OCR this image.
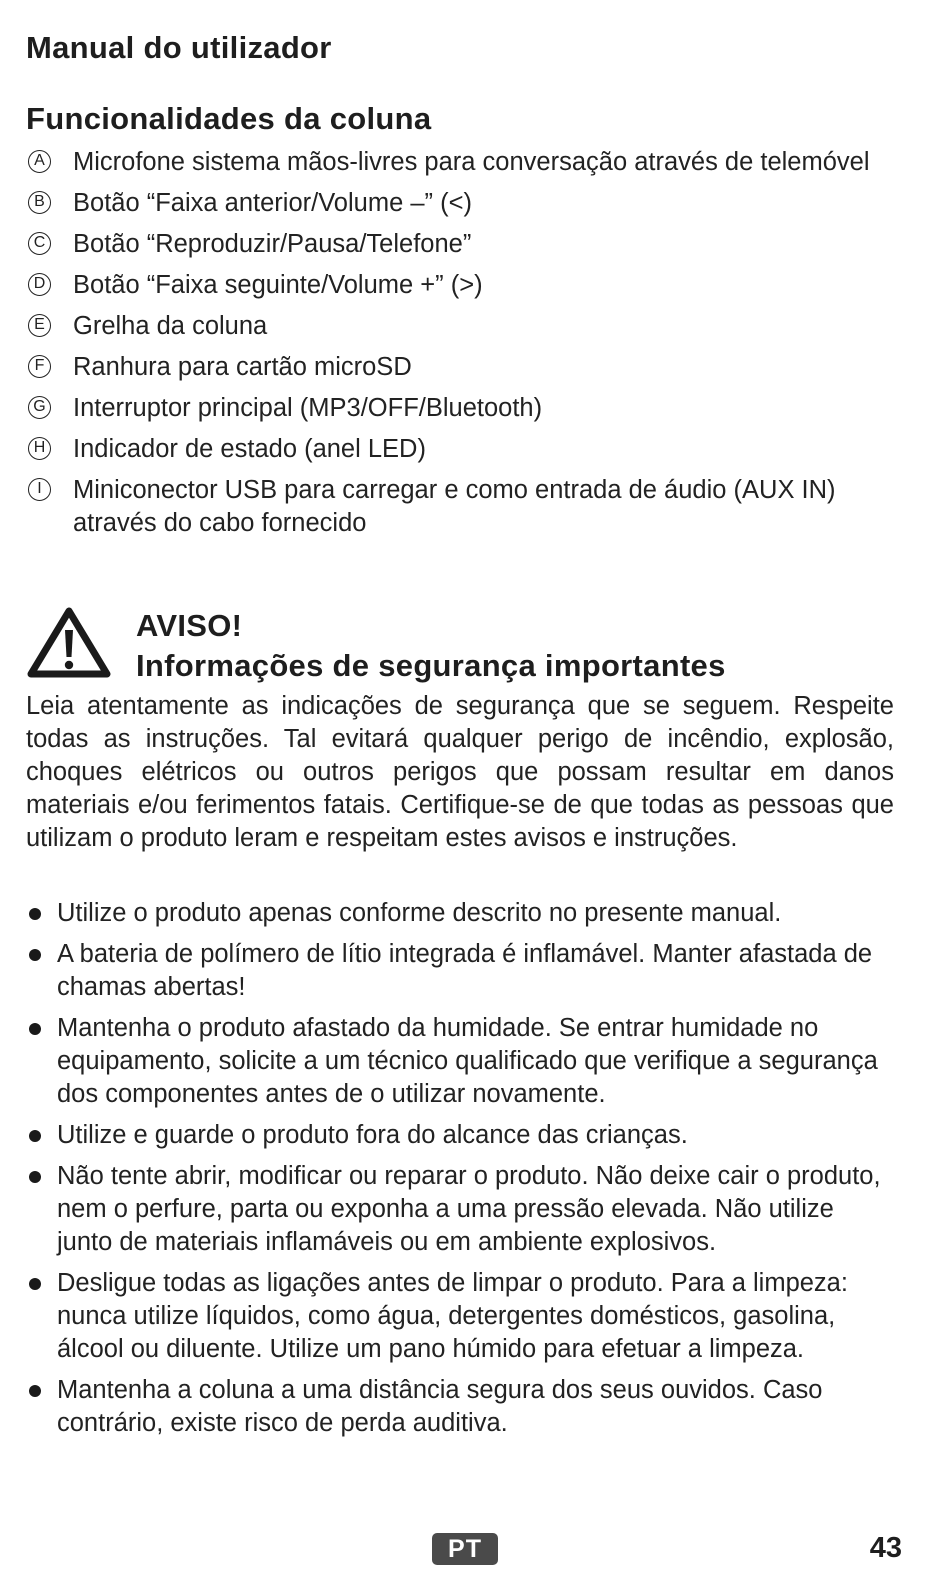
Manual do utilizador
Funcionalidades da coluna
A Microfone sistema mãos-livres para conversação através de telemóvel
B Botão “Faixa anterior/Volume –” (<)
C Botão “Reproduzir/Pausa/Telefone”
D Botão “Faixa seguinte/Volume +” (>)
E Grelha da coluna
F Ranhura para cartão microSD
G Interruptor principal (MP3/OFF/Bluetooth)
H Indicador de estado (anel LED)
I	Miniconector USB para carregar e como entrada de áudio (AUX IN) através do cabo fornecido
AVISO!
Informações de segurança importantes

Leia atentamente as indicações de segurança que se seguem. Respeite todas as instruções. Tal evitará qualquer perigo de incêndio, explosão, choques elétricos ou outros perigos que possam resultar em danos materiais e/ou ferimentos fatais. Certifique-se de que todas as pessoas que utilizam o produto leram e respeitam estes avisos e instruções.

Utilize o produto apenas conforme descrito no presente manual.
A bateria de polímero de lítio integrada é inflamável. Manter afastada de chamas abertas!
Mantenha o produto afastado da humidade. Se entrar humidade no equipamento, solicite a um técnico qualificado que verifique a segurança dos componentes antes de o utilizar novamente.
Utilize e guarde o produto fora do alcance das crianças.
Não tente abrir, modificar ou reparar o produto. Não deixe cair o produto, nem o perfure, parta ou exponha a uma pressão elevada. Não utilize junto de materiais inflamáveis ou em ambiente explosivos.
Desligue todas as ligações antes de limpar o produto. Para a limpeza: nunca utilize líquidos, como água, detergentes domésticos, gasolina, álcool ou diluente. Utilize um pano húmido para efetuar a limpeza.
Mantenha a coluna a uma distância segura dos seus ouvidos. Caso contrário, existe risco de perda auditiva.
PT	43
